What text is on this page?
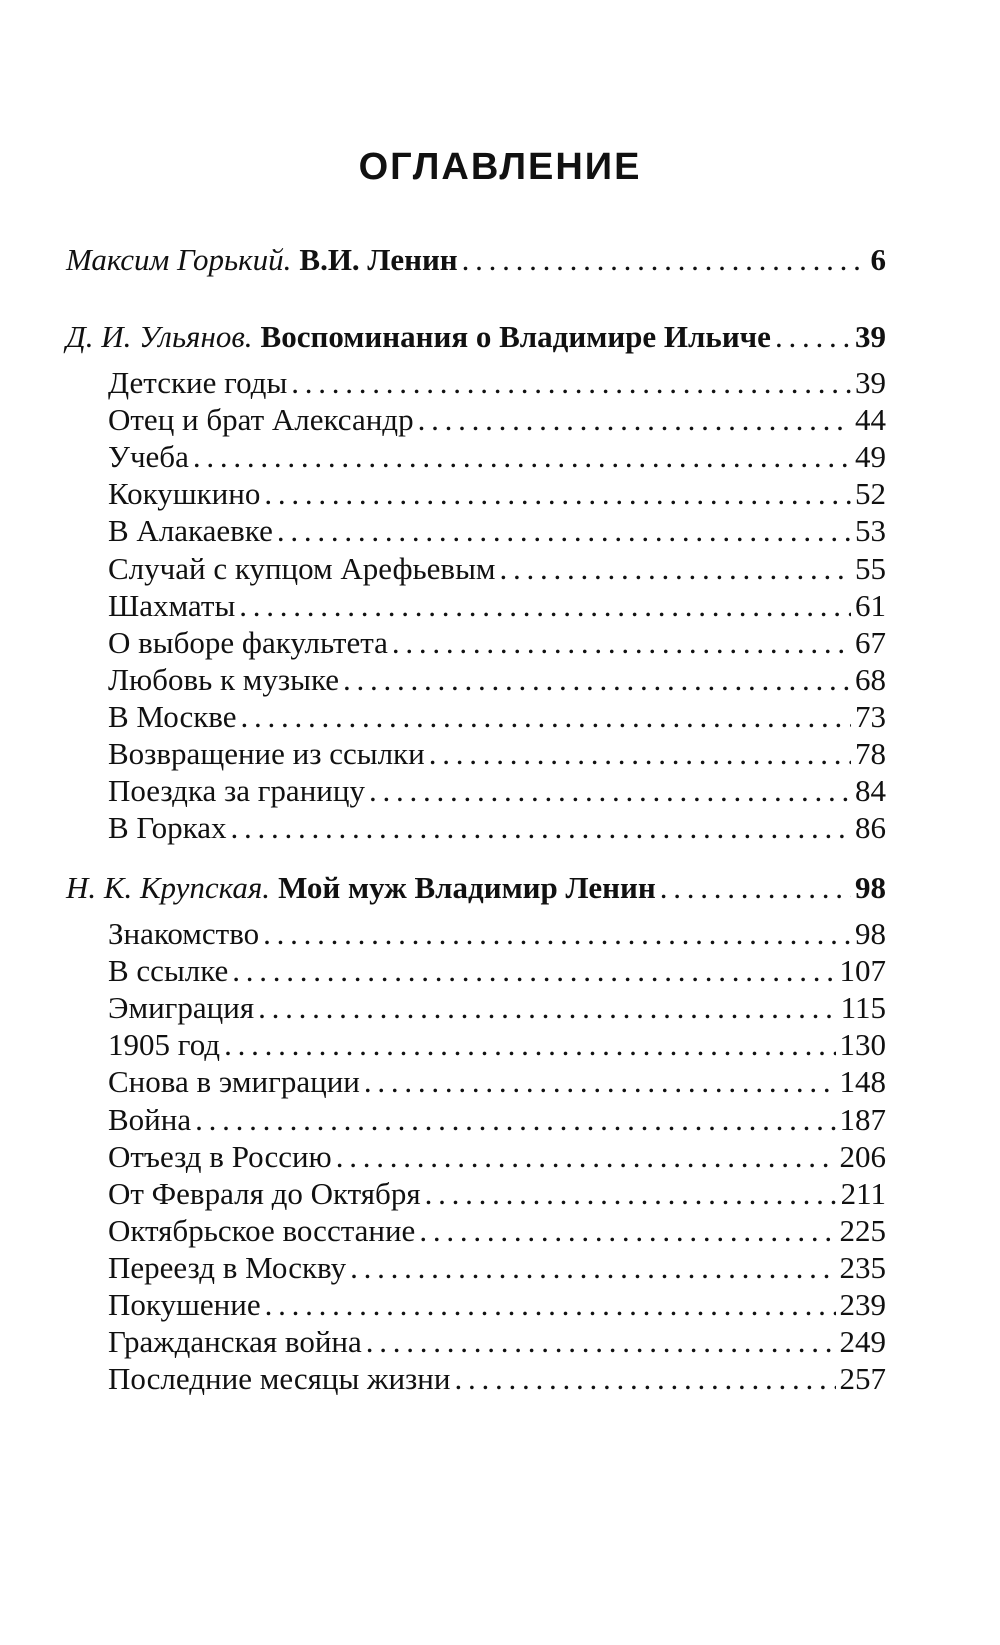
ОГЛАВЛЕНИЕ
Максим Горький. В.И. Ленин . . .	6
Д. И. Ульянов. Воспоминания о Владимире Ильиче . . .	39
Детские годы . . .	39
Отец и брат Александр . . .	44
Учеба . . .	49
Кокушкино . . .	52
В Алакаевке . . .	53
Случай с купцом Арефьевым . . .	55
Шахматы . . .	61
О выборе факультета . . .	67
Любовь к музыке . . .	68
В Москве . . .	73
Возвращение из ссылки . . .	78
Поездка за границу . . .	84
В Горках . . .	86
Н. К. Крупская. Мой муж Владимир Ленин . . .	98
Знакомство . . .	98
В ссылке . . .	107
Эмиграция . . .	115
1905 год . . .	130
Снова в эмиграции . . .	148
Война . . .	187
Отъезд в Россию . . .	206
От Февраля до Октября . . .	211
Октябрьское восстание . . .	225
Переезд в Москву . . .	235
Покушение . . .	239
Гражданская война . . .	249
Последние месяцы жизни . . .	257
